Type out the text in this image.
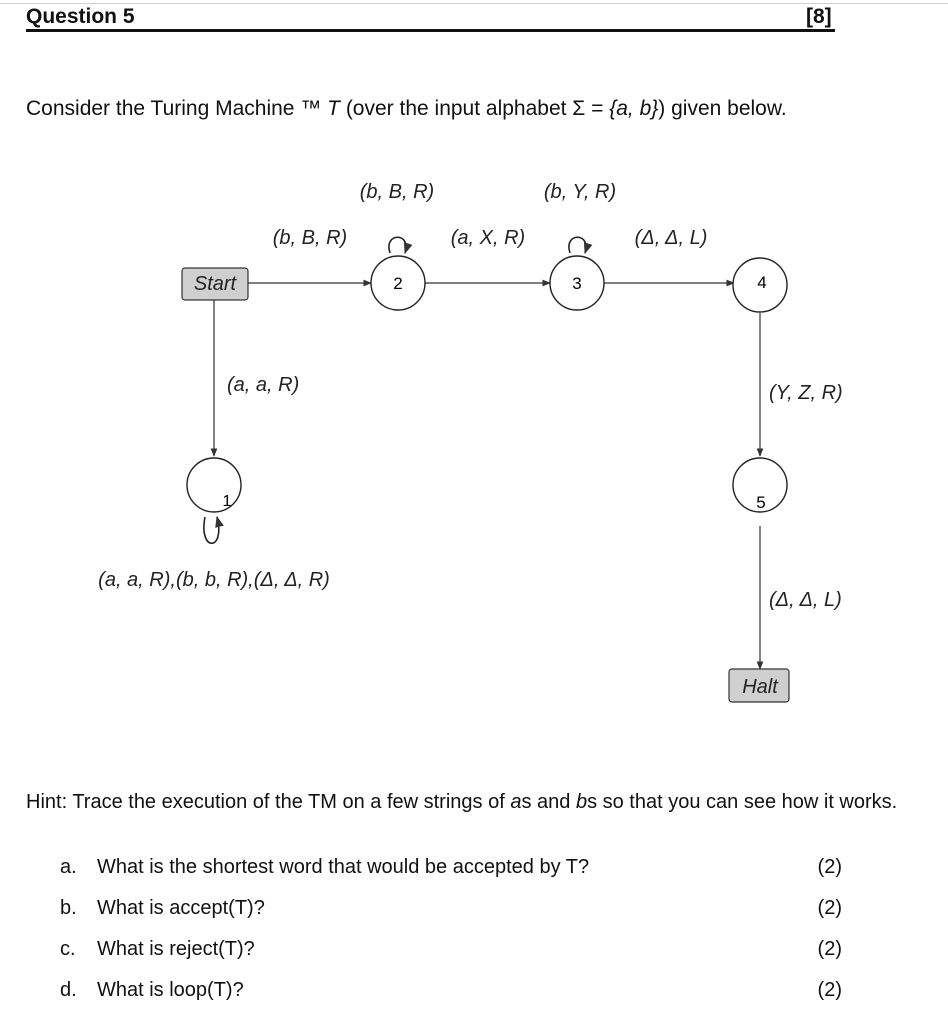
Question 5	[8]

Consider the Turing Machine ™ T (over the input alphabet Σ = {a, b}) given below.

Start
Halt
2	3	4
1	5
(b, B, R)
(b, B, R)
(a, X, R)
(b, Y, R)
(Δ, Δ, L)
(a, a, R)
(a, a, R),(b, b, R),(Δ, Δ, R)
(Y, Z, R)
(Δ, Δ, L)

Hint: Trace the execution of the TM on a few strings of as and bs so that you can see how it works.

a. What is the shortest word that would be accepted by T?	(2)
b. What is accept(T)?	(2)
c. What is reject(T)?	(2)
d. What is loop(T)?	(2)
